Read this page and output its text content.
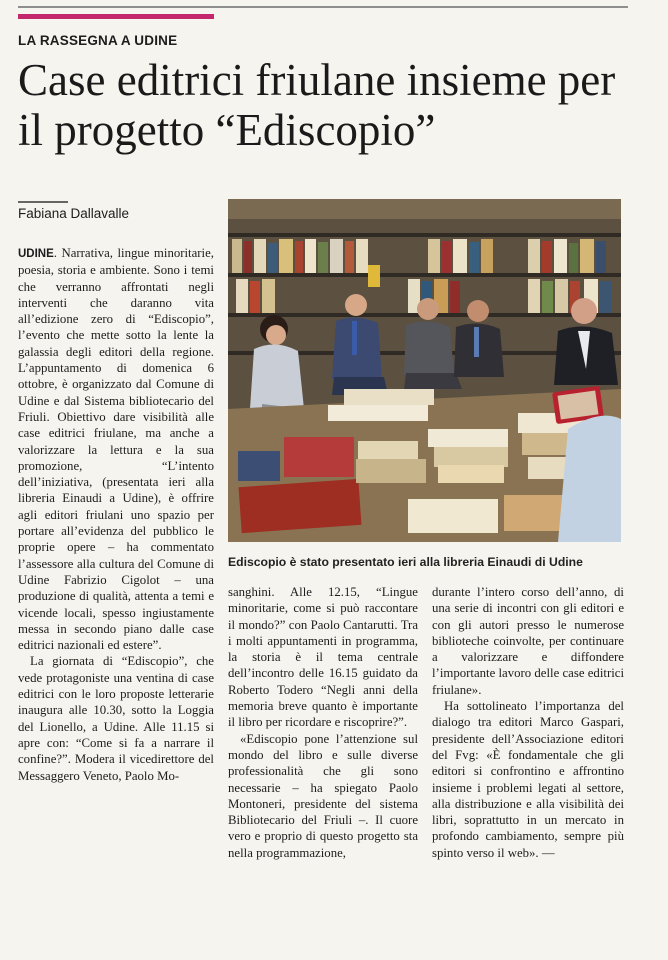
LA RASSEGNA A UDINE
Case editrici friulane insieme per il progetto “Ediscopio”
Fabiana Dallavalle
Ediscopio è stato presentato ieri alla libreria Einaudi di Udine

UDINE. Narrativa, lingue minoritarie, poesia, storia e ambiente. Sono i temi che verranno affrontati negli interventi che daranno vita all’edizione zero di “Ediscopio”, l’evento che mette sotto la lente la galassia degli editori della regione. L’appuntamento di domenica 6 ottobre, è organizzato dal Comune di Udine e dal Sistema bibliotecario del Friuli. Obiettivo dare visibilità alle case editrici friulane, ma anche a valorizzare la lettura e la sua promozione, “L’intento dell’iniziativa, (presentata ieri alla libreria Einaudi a Udine), è offrire agli editori friulani uno spazio per portare all’evidenza del pubblico le proprie opere – ha commentato l’assessore alla cultura del Comune di Udine Fabrizio Cigolot – una produzione di qualità, attenta a temi e vicende locali, spesso ingiustamente messa in secondo piano dalle case editrici nazionali ed estere”.

La giornata di “Ediscopio”, che vede protagoniste una ventina di case editrici con le loro proposte letterarie inaugura alle 10.30, sotto la Loggia del Lionello, a Udine. Alle 11.15 si apre con: “Come si fa a narrare il confine?”. Modera il vicedirettore del Messaggero Veneto, Paolo Mo-

sanghini. Alle 12.15, “Lingue minoritarie, come si può raccontare il mondo?” con Paolo Cantarutti. Tra i molti appuntamenti in programma, la storia è il tema centrale dell’incontro delle 16.15 guidato da Roberto Todero “Negli anni della memoria breve quanto è importante il libro per ricordare e riscoprire?”.

«Ediscopio pone l’attenzione sul mondo del libro e sulle diverse professionalità che gli sono necessarie – ha spiegato Paolo Montoneri, presidente del sistema Bibliotecario del Friuli –. Il cuore vero e proprio di questo progetto sta nella programmazione,

durante l’intero corso dell’anno, di una serie di incontri con gli editori e con gli autori presso le numerose biblioteche coinvolte, per continuare a valorizzare e diffondere l’importante lavoro delle case editrici friulane».

Ha sottolineato l’importanza del dialogo tra editori Marco Gaspari, presidente dell’Associazione editori del Fvg: «È fondamentale che gli editori si confrontino e affrontino insieme i problemi legati al settore, alla distribuzione e alla visibilità dei libri, soprattutto in un mercato in profondo cambiamento, sempre più spinto verso il web». —
